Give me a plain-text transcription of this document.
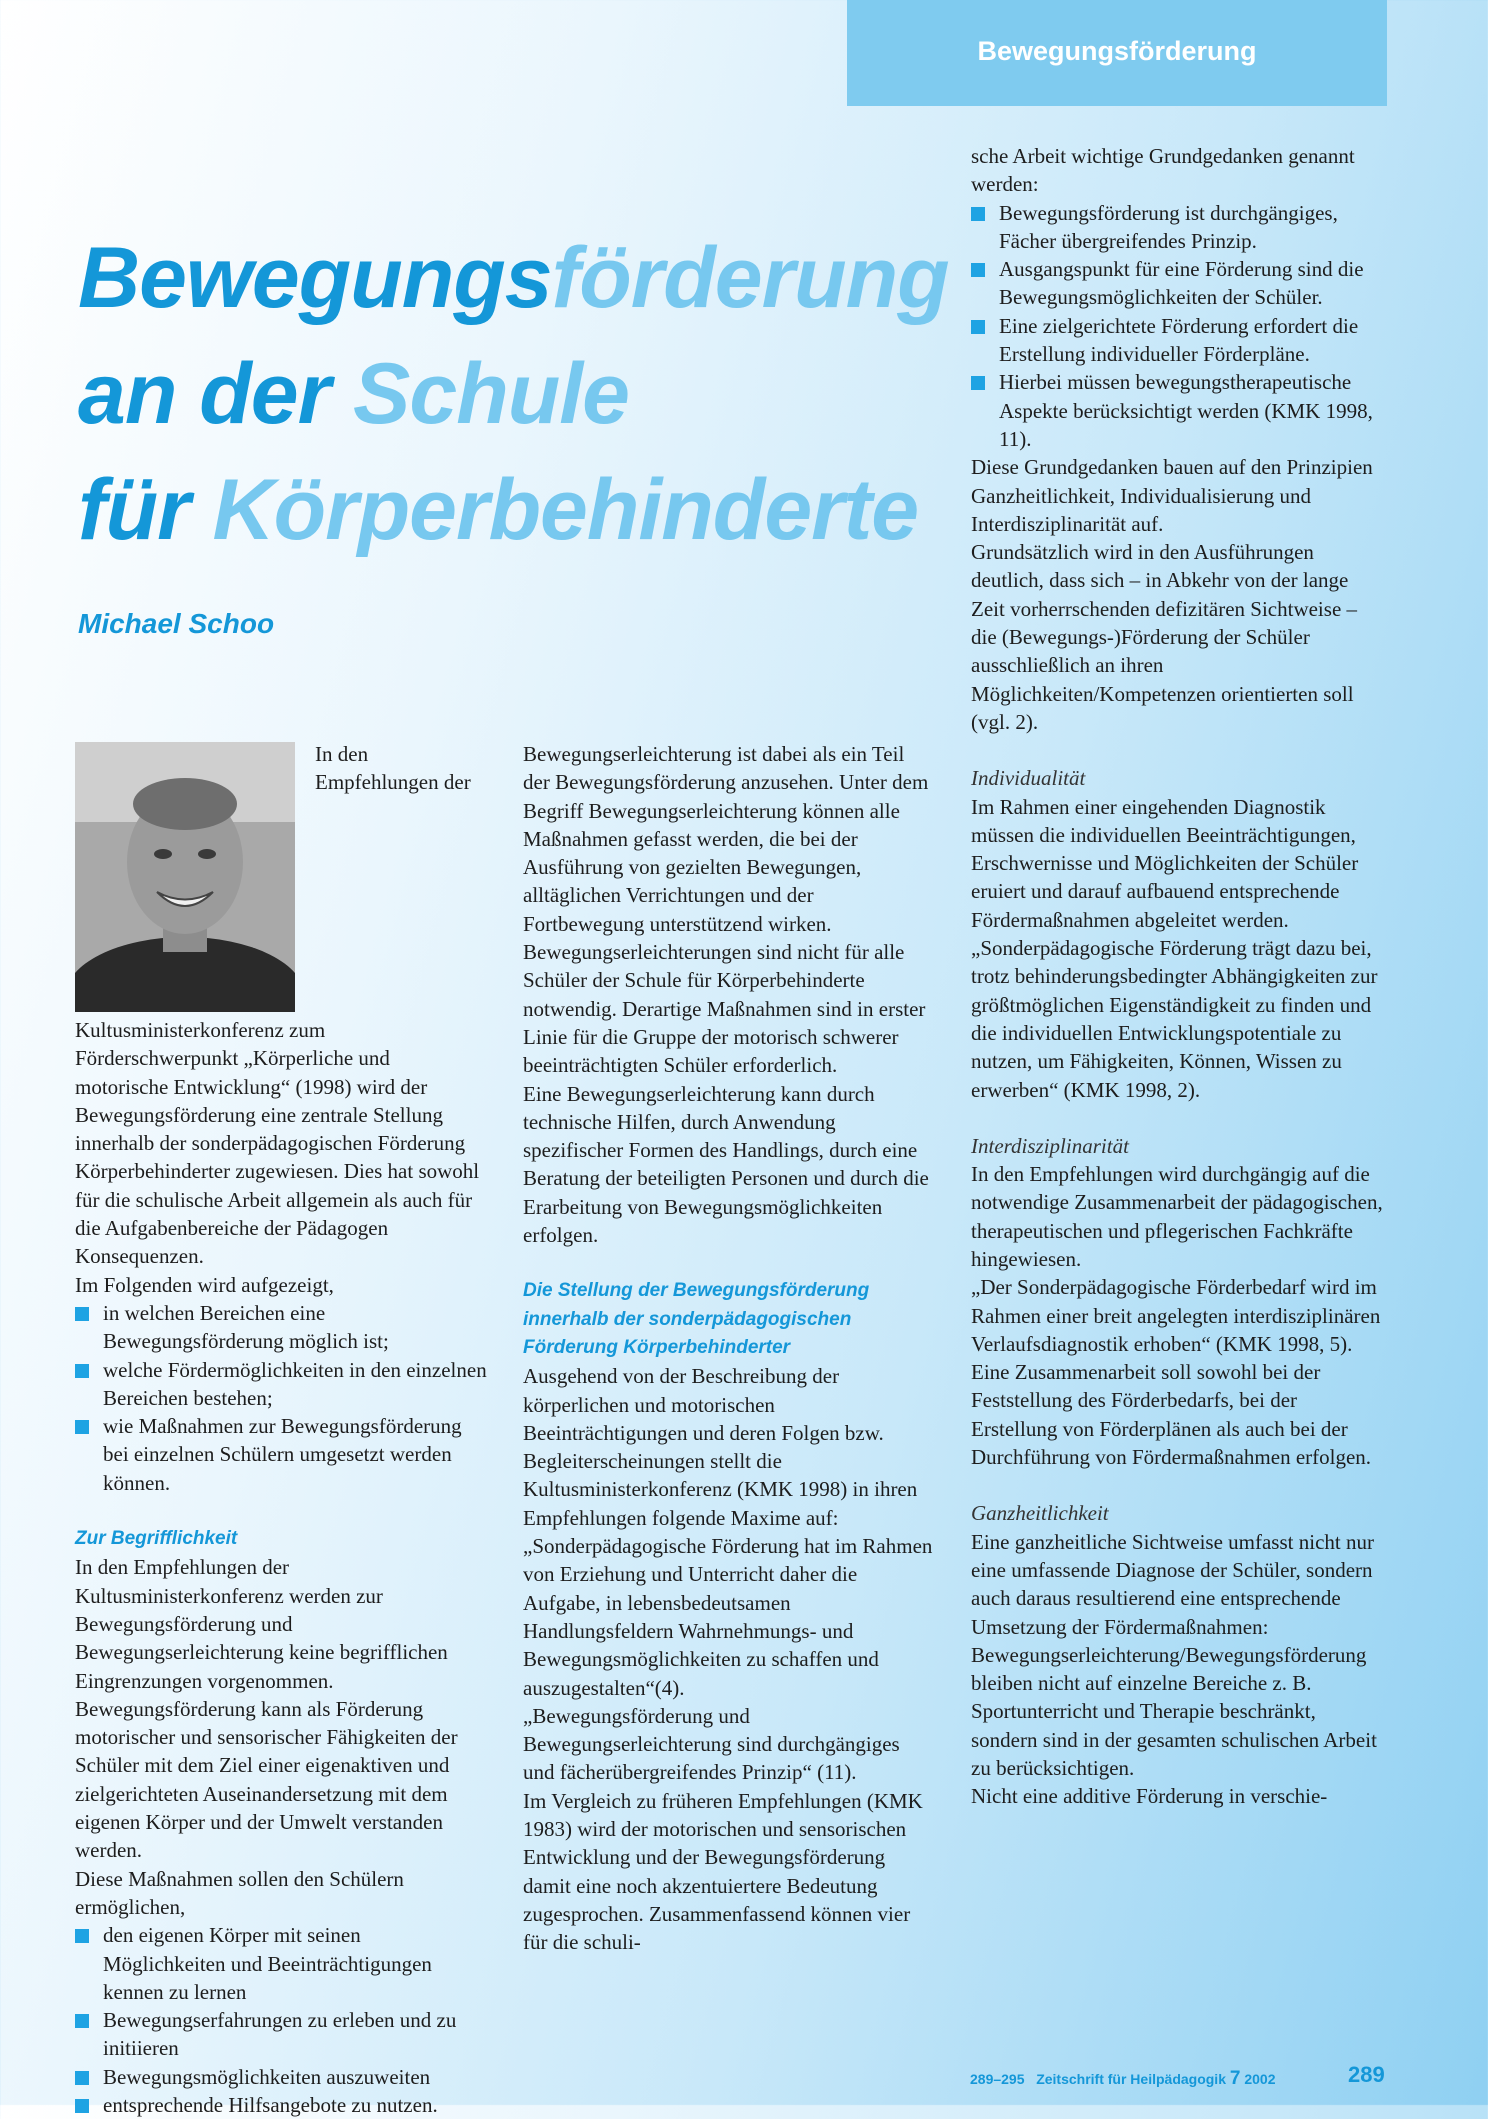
Bewegungsförderung
Bewegungsförderung
an der Schule
für Körperbehinderte
Michael Schoo

In den Empfehlungen der Kultusministerkonferenz zum Förderschwerpunkt „Körperliche und motorische Entwicklung“ (1998) wird der Bewegungsförderung eine zentrale Stellung innerhalb der sonderpädagogischen Förderung Körperbehinderter zugewiesen. Dies hat sowohl für die schulische Arbeit allgemein als auch für die Aufgabenbereiche der Pädagogen Konsequenzen.

Im Folgenden wird aufgezeigt,

in welchen Bereichen eine Bewegungsförderung möglich ist;
welche Fördermöglichkeiten in den einzelnen Bereichen bestehen;
wie Maßnahmen zur Bewegungsförderung bei einzelnen Schülern umgesetzt werden können.

Zur Begrifflichkeit

In den Empfehlungen der Kultusministerkonferenz werden zur Bewegungsförderung und Bewegungserleichterung keine begrifflichen Eingrenzungen vorgenommen.

Bewegungsförderung kann als Förderung motorischer und sensorischer Fähigkeiten der Schüler mit dem Ziel einer eigenaktiven und zielgerichteten Auseinandersetzung mit dem eigenen Körper und der Umwelt verstanden werden.

Diese Maßnahmen sollen den Schülern ermöglichen,

den eigenen Körper mit seinen Möglichkeiten und Beeinträchtigungen kennen zu lernen
Bewegungserfahrungen zu erleben und zu initiieren
Bewegungsmöglichkeiten auszuweiten
entsprechende Hilfsangebote zu nutzen.

Bewegungserleichterung ist dabei als ein Teil der Bewegungsförderung anzusehen. Unter dem Begriff Bewegungserleichterung können alle Maßnahmen gefasst werden, die bei der Ausführung von gezielten Bewegungen, alltäglichen Verrichtungen und der Fortbewegung unterstützend wirken.

Bewegungserleichterungen sind nicht für alle Schüler der Schule für Körperbehinderte notwendig. Derartige Maßnahmen sind in erster Linie für die Gruppe der motorisch schwerer beeinträchtigten Schüler erforderlich.

Eine Bewegungserleichterung kann durch technische Hilfen, durch Anwendung spezifischer Formen des Handlings, durch eine Beratung der beteiligten Personen und durch die Erarbeitung von Bewegungsmöglichkeiten erfolgen.

Die Stellung der Bewegungsförderung innerhalb der sonderpädagogischen Förderung Körperbehinderter

Ausgehend von der Beschreibung der körperlichen und motorischen Beeinträchtigungen und deren Folgen bzw. Begleiterscheinungen stellt die Kultusministerkonferenz (KMK 1998) in ihren Empfehlungen folgende Maxime auf:

„Sonderpädagogische Förderung hat im Rahmen von Erziehung und Unterricht daher die Aufgabe, in lebensbedeutsamen Handlungsfeldern Wahrnehmungs- und Bewegungsmöglichkeiten zu schaffen und auszugestalten“(4).

„Bewegungsförderung und Bewegungserleichterung sind durchgängiges und fächerübergreifendes Prinzip“ (11).

Im Vergleich zu früheren Empfehlungen (KMK 1983) wird der motorischen und sensorischen Entwicklung und der Bewegungsförderung damit eine noch akzentuiertere Bedeutung zugesprochen. Zusammenfassend können vier für die schuli-

sche Arbeit wichtige Grundgedanken genannt werden:

Bewegungsförderung ist durchgängiges, Fächer übergreifendes Prinzip.
Ausgangspunkt für eine Förderung sind die Bewegungsmöglichkeiten der Schüler.
Eine zielgerichtete Förderung erfordert die Erstellung individueller Förderpläne.
Hierbei müssen bewegungstherapeutische Aspekte berücksichtigt werden (KMK 1998, 11).

Diese Grundgedanken bauen auf den Prinzipien Ganzheitlichkeit, Individualisierung und Interdisziplinarität auf.

Grundsätzlich wird in den Ausführungen deutlich, dass sich – in Abkehr von der lange Zeit vorherrschenden defizitären Sichtweise – die (Bewegungs-)Förderung der Schüler ausschließlich an ihren Möglichkeiten/Kompetenzen orientierten soll (vgl. 2).

Individualität

Im Rahmen einer eingehenden Diagnostik müssen die individuellen Beeinträchtigungen, Erschwernisse und Möglichkeiten der Schüler eruiert und darauf aufbauend entsprechende Fördermaßnahmen abgeleitet werden.

„Sonderpädagogische Förderung trägt dazu bei, trotz behinderungsbedingter Abhängigkeiten zur größtmöglichen Eigenständigkeit zu finden und die individuellen Entwicklungspotentiale zu nutzen, um Fähigkeiten, Können, Wissen zu erwerben“ (KMK 1998, 2).

Interdisziplinarität

In den Empfehlungen wird durchgängig auf die notwendige Zusammenarbeit der pädagogischen, therapeutischen und pflegerischen Fachkräfte hingewiesen.

„Der Sonderpädagogische Förderbedarf wird im Rahmen einer breit angelegten interdisziplinären Verlaufsdiagnostik erhoben“ (KMK 1998, 5).

Eine Zusammenarbeit soll sowohl bei der Feststellung des Förderbedarfs, bei der Erstellung von Förderplänen als auch bei der Durchführung von Fördermaßnahmen erfolgen.

Ganzheitlichkeit

Eine ganzheitliche Sichtweise umfasst nicht nur eine umfassende Diagnose der Schüler, sondern auch daraus resultierend eine entsprechende Umsetzung der Fördermaßnahmen:

Bewegungserleichterung/Bewegungsförderung bleiben nicht auf einzelne Bereiche z. B. Sportunterricht und Therapie beschränkt, sondern sind in der gesamten schulischen Arbeit zu berücksichtigen.

Nicht eine additive Förderung in verschie-

289–295 Zeitschrift für Heilpädagogik 7 2002	289
